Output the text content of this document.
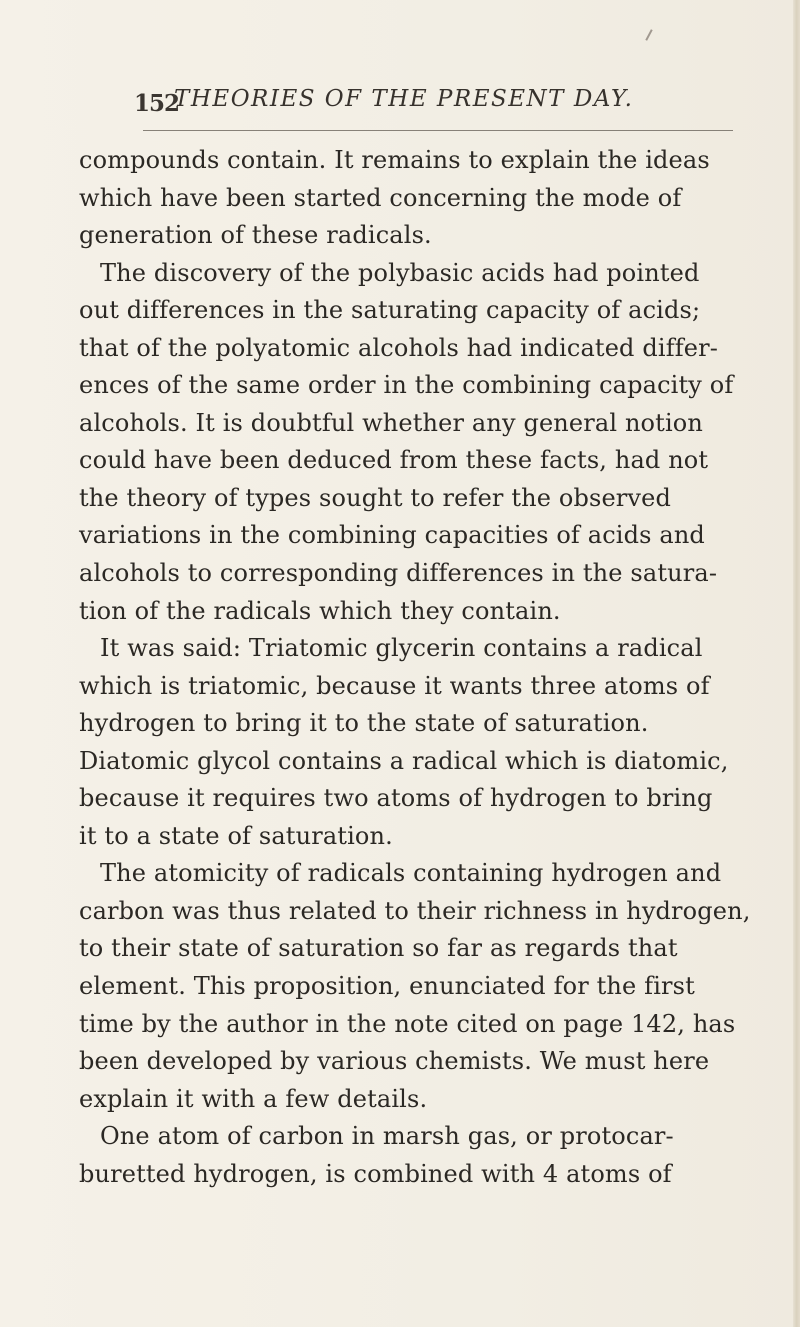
152
THEORIES OF THE PRESENT DAY.
compounds contain. It remains to explain the ideas
which have been started concerning the mode of
generation of these radicals.
The discovery of the polybasic acids had pointed
out differences in the saturating capacity of acids;
that of the polyatomic alcohols had indicated differ-
ences of the same order in the combining capacity of
alcohols. It is doubtful whether any general notion
could have been deduced from these facts, had not
the theory of types sought to refer the observed
variations in the combining capacities of acids and
alcohols to corresponding differences in the satura-
tion of the radicals which they contain.
It was said: Triatomic glycerin contains a radical
which is triatomic, because it wants three atoms of
hydrogen to bring it to the state of saturation.
Diatomic glycol contains a radical which is diatomic,
because it requires two atoms of hydrogen to bring
it to a state of saturation.
The atomicity of radicals containing hydrogen and
carbon was thus related to their richness in hydrogen,
to their state of saturation so far as regards that
element. This proposition, enunciated for the first
time by the author in the note cited on page 142, has
been developed by various chemists. We must here
explain it with a few details.
One atom of carbon in marsh gas, or protocar-
buretted hydrogen, is combined with 4 atoms of
